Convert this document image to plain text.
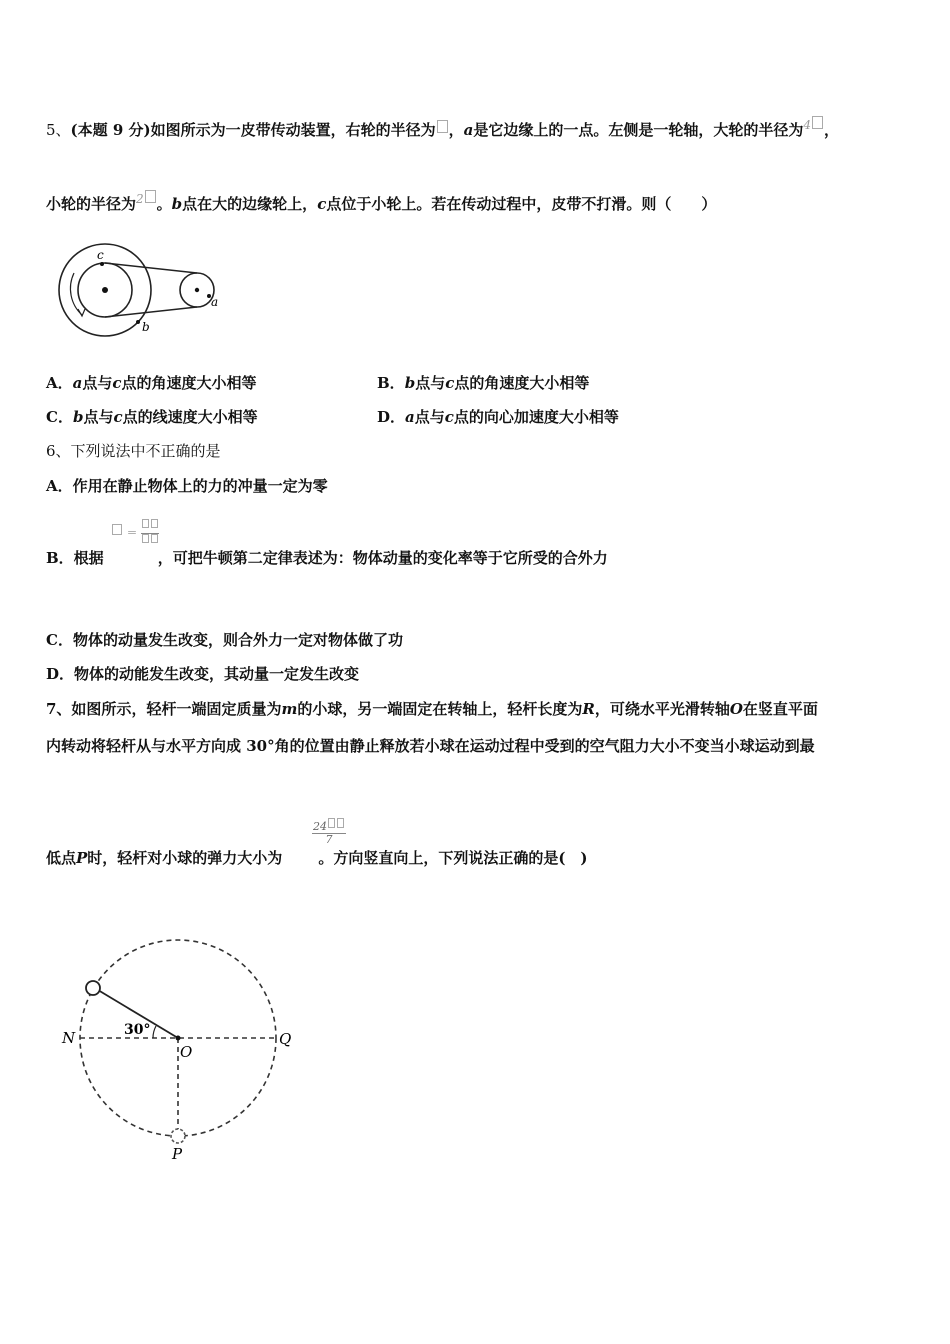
5、(本题 9 分)如图所示为一皮带传动装置，右轮的半径为 ，a是它边缘上的一点。左侧是一轮轴，大轮的半径为$^4$ ，
小轮的半径为$^2$ 。b点在大的边缘轮上，c点位于小轮上。若在传动过程中，皮带不打滑。则（　　）
c
b
a
A．a点与c点的角速度大小相等	B．b点与c点的角速度大小相等
C．b点与c点的线速度大小相等	D．a点与c点的向心加速度大小相等
6、下列说法中不正确的是
A．作用在静止物体上的力的冲量一定为零
＝
B．根据	，可把牛顿第二定律表述为：物体动量的变化率等于它所受的合外力
C．物体的动量发生改变，则合外力一定对物体做了功
D．物体的动能发生改变，其动量一定发生改变
7、如图所示，轻杆一端固定质量为m的小球，另一端固定在转轴上，轻杆长度为R，可绕水平光滑转轴O在竖直平面
内转动将轻杆从与水平方向成 30°角的位置由静止释放若小球在运动过程中受到的空气阻力大小不变当小球运动到最
24
7
低点P时，轻杆对小球的弹力大小为 。方向竖直向上，下列说法正确的是(　)
30°
N
O
Q
P
